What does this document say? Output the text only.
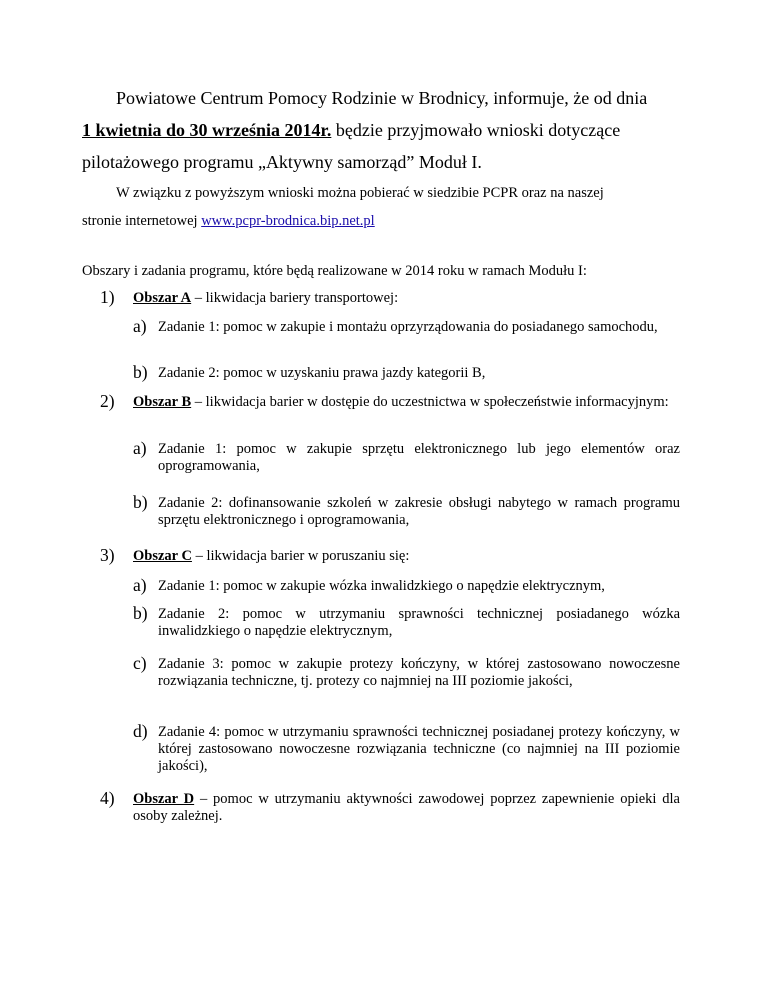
Powiatowe Centrum Pomocy Rodzinie w Brodnicy, informuje, że od dnia

1 kwietnia do 30 września 2014r. będzie przyjmowało wnioski dotyczące

pilotażowego programu „Aktywny samorząd” Moduł I.

W związku z powyższym wnioski można pobierać w siedzibie PCPR oraz na naszej

stronie internetowej www.pcpr-brodnica.bip.net.pl

Obszary i zadania programu, które będą realizowane w 2014 roku w ramach Modułu I:

1) Obszar A – likwidacja bariery transportowej:
a) Zadanie 1: pomoc w zakupie i montażu oprzyrządowania do posiadanego samochodu,
b) Zadanie 2: pomoc w uzyskaniu prawa jazdy kategorii B,
2) Obszar B – likwidacja barier w dostępie do uczestnictwa w społeczeństwie informacyjnym:
a) Zadanie 1: pomoc w zakupie sprzętu elektronicznego lub jego elementów oraz oprogramowania,
b) Zadanie 2: dofinansowanie szkoleń w zakresie obsługi nabytego w ramach programu sprzętu elektronicznego i oprogramowania,
3) Obszar C – likwidacja barier w poruszaniu się:
a) Zadanie 1: pomoc w zakupie wózka inwalidzkiego o napędzie elektrycznym,
b) Zadanie 2: pomoc w utrzymaniu sprawności technicznej posiadanego wózka inwalidzkiego o napędzie elektrycznym,
c) Zadanie 3: pomoc w zakupie protezy kończyny, w której zastosowano nowoczesne rozwiązania techniczne, tj. protezy co najmniej na III poziomie jakości,
d) Zadanie 4: pomoc w utrzymaniu sprawności technicznej posiadanej protezy kończyny, w której zastosowano nowoczesne rozwiązania techniczne (co najmniej na III poziomie jakości),
4) Obszar D – pomoc w utrzymaniu aktywności zawodowej poprzez zapewnienie opieki dla osoby zależnej.
